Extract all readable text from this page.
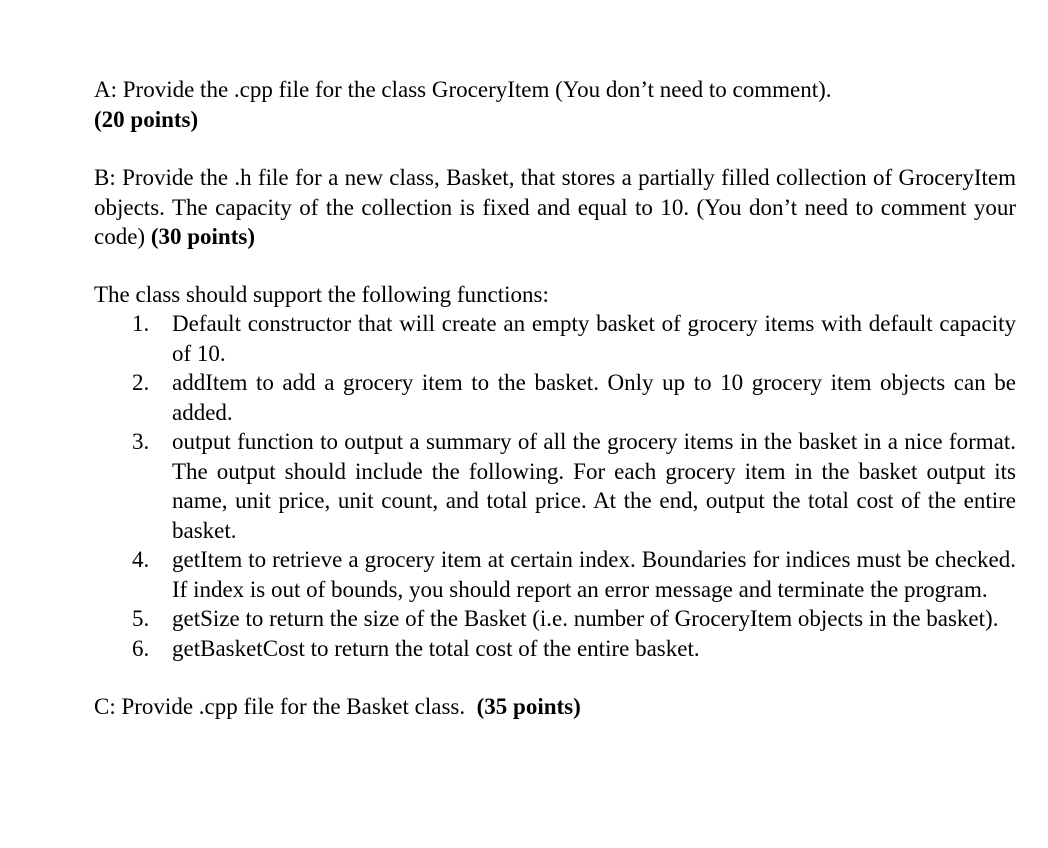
A: Provide the .cpp file for the class GroceryItem (You don’t need to comment).

(20 points)

B: Provide the .h file for a new class, Basket, that stores a partially filled collection of GroceryItem objects. The capacity of the collection is fixed and equal to 10. (You don’t need to comment your code) (30 points)

The class should support the following functions:

1. Default constructor that will create an empty basket of grocery items with default capacity of 10.
2. addItem to add a grocery item to the basket. Only up to 10 grocery item objects can be added.
3. output function to output a summary of all the grocery items in the basket in a nice format. The output should include the following. For each grocery item in the basket output its name, unit price, unit count, and total price. At the end, output the total cost of the entire basket.
4. getItem to retrieve a grocery item at certain index. Boundaries for indices must be checked. If index is out of bounds, you should report an error message and terminate the program.
5. getSize to return the size of the Basket (i.e. number of GroceryItem objects in the basket).
6. getBasketCost to return the total cost of the entire basket.

C: Provide .cpp file for the Basket class. (35 points)
